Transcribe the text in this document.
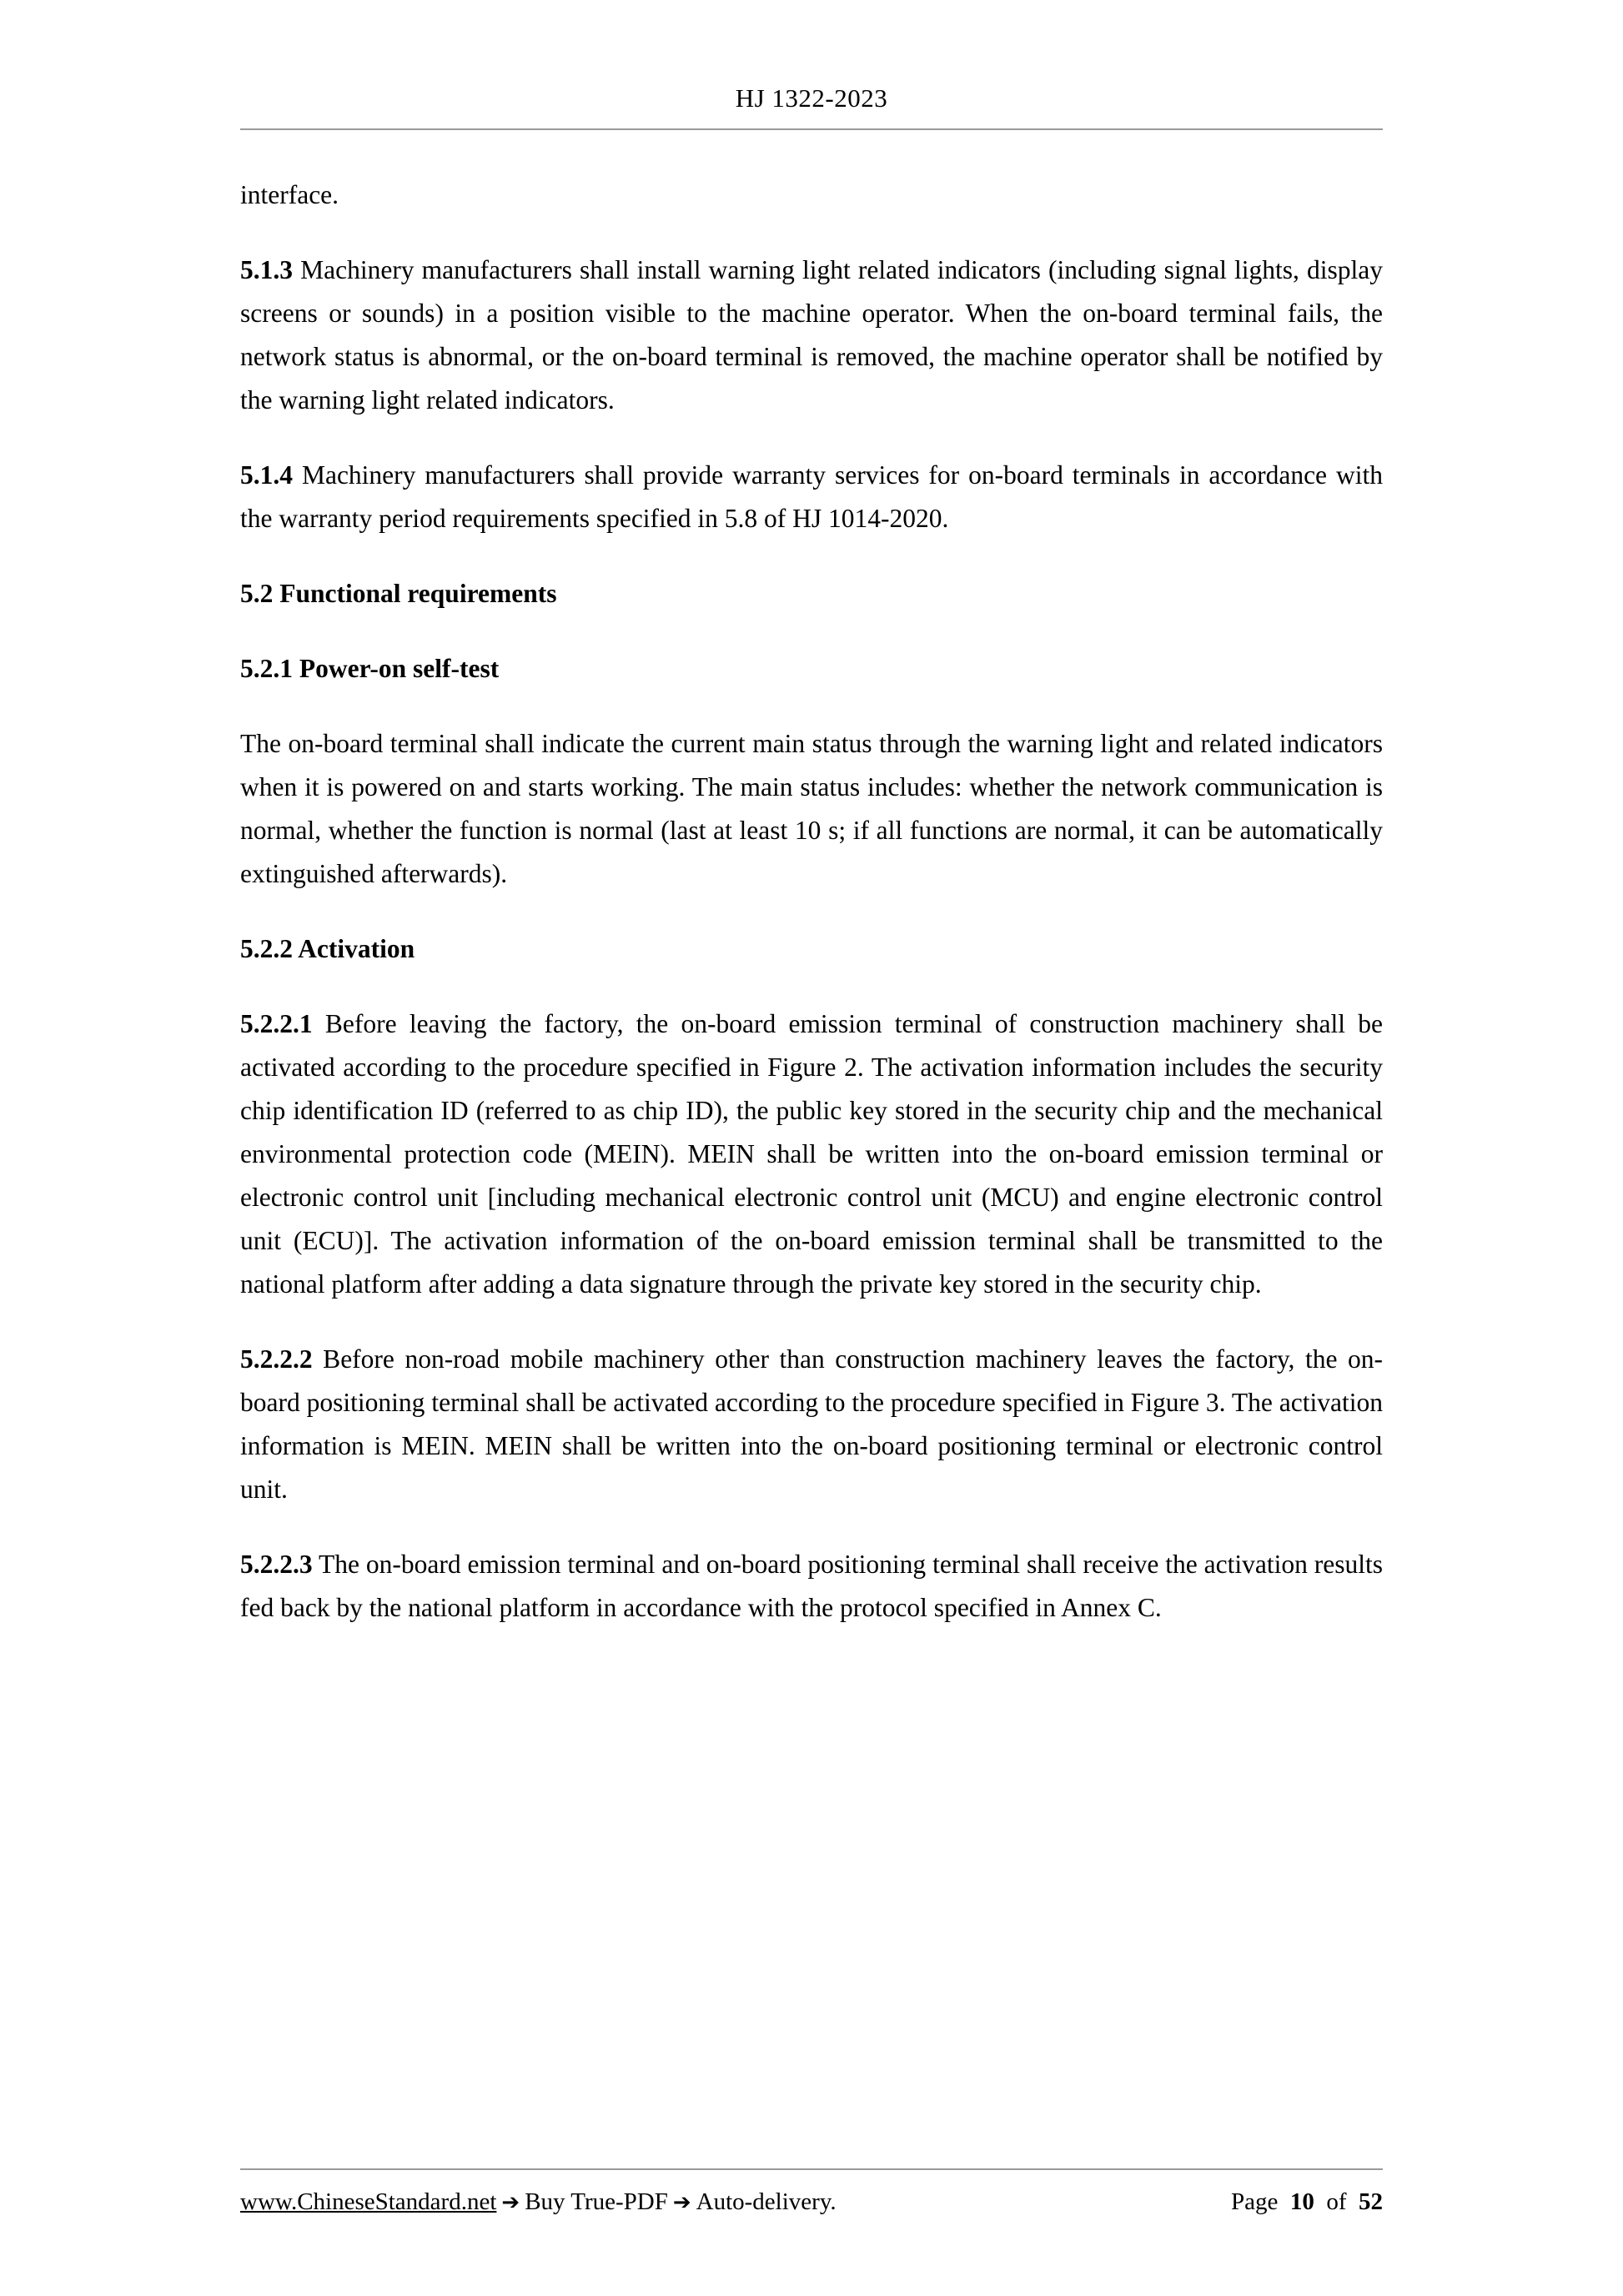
HJ 1322-2023

interface.

5.1.3 Machinery manufacturers shall install warning light related indicators (including signal lights, display screens or sounds) in a position visible to the machine operator. When the on-board terminal fails, the network status is abnormal, or the on-board terminal is removed, the machine operator shall be notified by the warning light related indicators.

5.1.4 Machinery manufacturers shall provide warranty services for on-board terminals in accordance with the warranty period requirements specified in 5.8 of HJ 1014-2020.

5.2 Functional requirements
5.2.1 Power-on self-test

The on-board terminal shall indicate the current main status through the warning light and related indicators when it is powered on and starts working. The main status includes: whether the network communication is normal, whether the function is normal (last at least 10 s; if all functions are normal, it can be automatically extinguished afterwards).

5.2.2 Activation

5.2.2.1 Before leaving the factory, the on-board emission terminal of construction machinery shall be activated according to the procedure specified in Figure 2. The activation information includes the security chip identification ID (referred to as chip ID), the public key stored in the security chip and the mechanical environmental protection code (MEIN). MEIN shall be written into the on-board emission terminal or electronic control unit [including mechanical electronic control unit (MCU) and engine electronic control unit (ECU)]. The activation information of the on-board emission terminal shall be transmitted to the national platform after adding a data signature through the private key stored in the security chip.

5.2.2.2 Before non-road mobile machinery other than construction machinery leaves the factory, the on-board positioning terminal shall be activated according to the procedure specified in Figure 3. The activation information is MEIN. MEIN shall be written into the on-board positioning terminal or electronic control unit.

5.2.2.3 The on-board emission terminal and on-board positioning terminal shall receive the activation results fed back by the national platform in accordance with the protocol specified in Annex C.

www.ChineseStandard.net ➔ Buy True-PDF ➔ Auto-delivery.	Page 10 of 52
